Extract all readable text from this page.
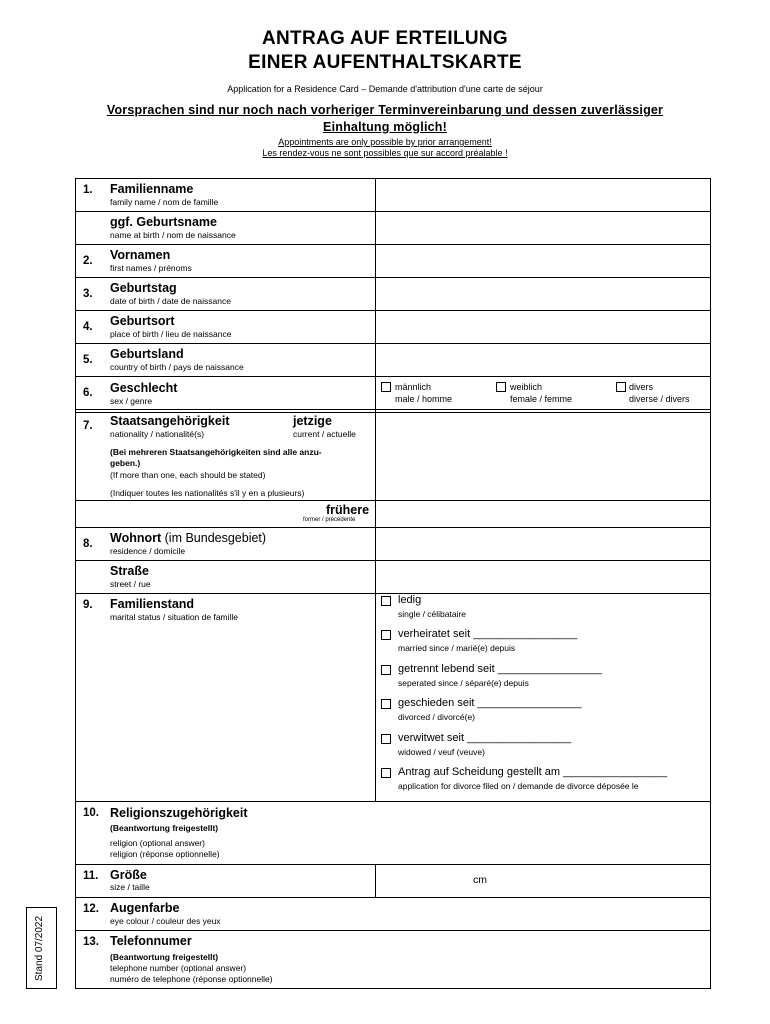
ANTRAG AUF ERTEILUNG
EINER AUFENTHALTSKARTE
Application for a Residence Card – Demande d'attribution d'une carte de séjour
Vorsprachen sind nur noch nach vorheriger Terminvereinbarung und dessen zuverlässiger
Einhaltung möglich!
Appointments are only possible by prior arrangement!
Les rendez-vous ne sont possibles que sur accord préalable !
1. Familienname
family name / nom de famille
ggf. Geburtsname
name at birth / nom de naissance
2. Vornamen
first names / prénoms
3. Geburtstag
date of birth / date de naissance
4. Geburtsort
place of birth / lieu de naissance
5. Geburtsland
country of birth / pays de naissance
6. Geschlecht
sex / genre
männlich
male / homme
weiblich
female / femme
divers
diverse / divers
7. Staatsangehörigkeit	jetzige
nationality / nationalité(s)	current / actuelle
(Bei mehreren Staatsangehörigkeiten sind alle anzu-
geben.)
(If more than one, each should be stated)
(Indiquer toutes les nationalités s'il y en a plusieurs)
frühere
former / précédente
8. Wohnort (im Bundesgebiet)
residence / domicile
Straße
street / rue
9. Familienstand
marital status / situation de famille
ledig
single / célibataire
verheiratet seit _________________
married since / marié(e) depuis
getrennt lebend seit _________________
seperated since / séparé(e) depuis
geschieden seit _________________
divorced / divorcé(e)
verwitwet seit _________________
widowed / veuf (veuve)
Antrag auf Scheidung gestellt am _________________
application for divorce filed on / demande de divorce déposée le
10. Religionszugehörigkeit
(Beantwortung freigestellt)
religion (optional answer)
religion (réponse optionnelle)
11. Größe
size / taille
cm
12. Augenfarbe
eye colour / couleur des yeux
13. Telefonnumer
(Beantwortung freigestellt)
telephone number (optional answer)
numéro de telephone (réponse optionnelle)
Stand 07/2022
